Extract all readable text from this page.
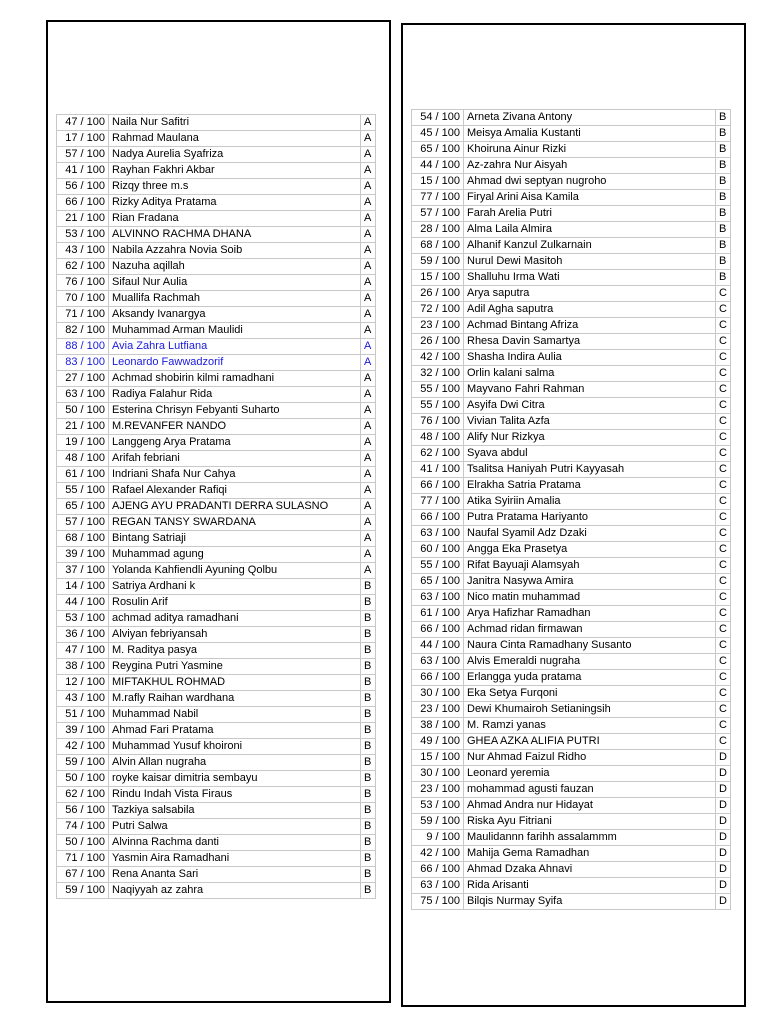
47 / 100	Naila Nur Safitri	A
17 / 100	Rahmad Maulana	A
57 / 100	Nadya Aurelia Syafriza	A
41 / 100	Rayhan Fakhri Akbar	A
56 / 100	Rizqy three m.s	A
66 / 100	Rizky Aditya Pratama	A
21 / 100	Rian Fradana	A
53 / 100	ALVINNO RACHMA DHANA	A
43 / 100	Nabila Azzahra Novia Soib	A
62 / 100	Nazuha aqillah	A
76 / 100	Sifaul Nur Aulia	A
70 / 100	Muallifa Rachmah	A
71 / 100	Aksandy Ivanargya	A
82 / 100	Muhammad Arman Maulidi	A
88 / 100	Avia Zahra Lutfiana	A
83 / 100	Leonardo Fawwadzorif	A
27 / 100	Achmad shobirin kilmi ramadhani	A
63 / 100	Radiya Falahur Rida	A
50 / 100	Esterina Chrisyn Febyanti Suharto	A
21 / 100	M.REVANFER NANDO	A
19 / 100	Langgeng Arya Pratama	A
48 / 100	Arifah febriani	A
61 / 100	Indriani Shafa Nur Cahya	A
55 / 100	Rafael Alexander Rafiqi	A
65 / 100	AJENG AYU PRADANTI DERRA SULASNO	A
57 / 100	REGAN TANSY SWARDANA	A
68 / 100	Bintang Satriaji	A
39 / 100	Muhammad agung	A
37 / 100	Yolanda Kahfiendli Ayuning Qolbu	A
14 / 100	Satriya Ardhani k	B
44 / 100	Rosulin Arif	B
53 / 100	achmad aditya ramadhani	B
36 / 100	Alviyan febriyansah	B
47 / 100	M. Raditya pasya	B
38 / 100	Reygina Putri Yasmine	B
12 / 100	MIFTAKHUL ROHMAD	B
43 / 100	M.rafly Raihan wardhana	B
51 / 100	Muhammad Nabil	B
39 / 100	Ahmad Fari Pratama	B
42 / 100	Muhammad Yusuf khoironi	B
59 / 100	Alvin Allan nugraha	B
50 / 100	royke kaisar dimitria sembayu	B
62 / 100	Rindu Indah Vista Firaus	B
56 / 100	Tazkiya salsabila	B
74 / 100	Putri Salwa	B
50 / 100	Alvinna Rachma danti	B
71 / 100	Yasmin Aira Ramadhani	B
67 / 100	Rena Ananta Sari	B
59 / 100	Naqiyyah az zahra	B
54 / 100	Arneta Zivana Antony	B
45 / 100	Meisya Amalia Kustanti	B
65 / 100	Khoiruna Ainur Rizki	B
44 / 100	Az-zahra Nur Aisyah	B
15 / 100	Ahmad dwi septyan nugroho	B
77 / 100	Firyal Arini Aisa Kamila	B
57 / 100	Farah Arelia Putri	B
28 / 100	Alma Laila Almira	B
68 / 100	Alhanif Kanzul Zulkarnain	B
59 / 100	Nurul Dewi Masitoh	B
15 / 100	Shalluhu Irma Wati	B
26 / 100	Arya saputra	C
72 / 100	Adil Agha saputra	C
23 / 100	Achmad Bintang Afriza	C
26 / 100	Rhesa Davin Samartya	C
42 / 100	Shasha Indira Aulia	C
32 / 100	Orlin kalani salma	C
55 / 100	Mayvano Fahri Rahman	C
55 / 100	Asyifa Dwi Citra	C
76 / 100	Vivian Talita Azfa	C
48 / 100	Alify Nur Rizkya	C
62 / 100	Syava abdul	C
41 / 100	Tsalitsa Haniyah Putri Kayyasah	C
66 / 100	Elrakha Satria Pratama	C
77 / 100	Atika Syiriin Amalia	C
66 / 100	Putra Pratama Hariyanto	C
63 / 100	Naufal Syamil Adz Dzaki	C
60 / 100	Angga Eka Prasetya	C
55 / 100	Rifat Bayuaji Alamsyah	C
65 / 100	Janitra Nasywa Amira	C
63 / 100	Nico matin muhammad	C
61 / 100	Arya Hafizhar Ramadhan	C
66 / 100	Achmad ridan firmawan	C
44 / 100	Naura Cinta Ramadhany Susanto	C
63 / 100	Alvis Emeraldi nugraha	C
66 / 100	Erlangga yuda pratama	C
30 / 100	Eka Setya Furqoni	C
23 / 100	Dewi Khumairoh Setianingsih	C
38 / 100	M. Ramzi yanas	C
49 / 100	GHEA AZKA ALIFIA PUTRI	C
15 / 100	Nur Ahmad Faizul Ridho	D
30 / 100	Leonard yeremia	D
23 / 100	mohammad agusti fauzan	D
53 / 100	Ahmad Andra nur Hidayat	D
59 / 100	Riska Ayu Fitriani	D
9 / 100	Maulidannn farihh assalammm	D
42 / 100	Mahija Gema Ramadhan	D
66 / 100	Ahmad Dzaka Ahnavi	D
63 / 100	Rida Arisanti	D
75 / 100	Bilqis Nurmay Syifa	D
